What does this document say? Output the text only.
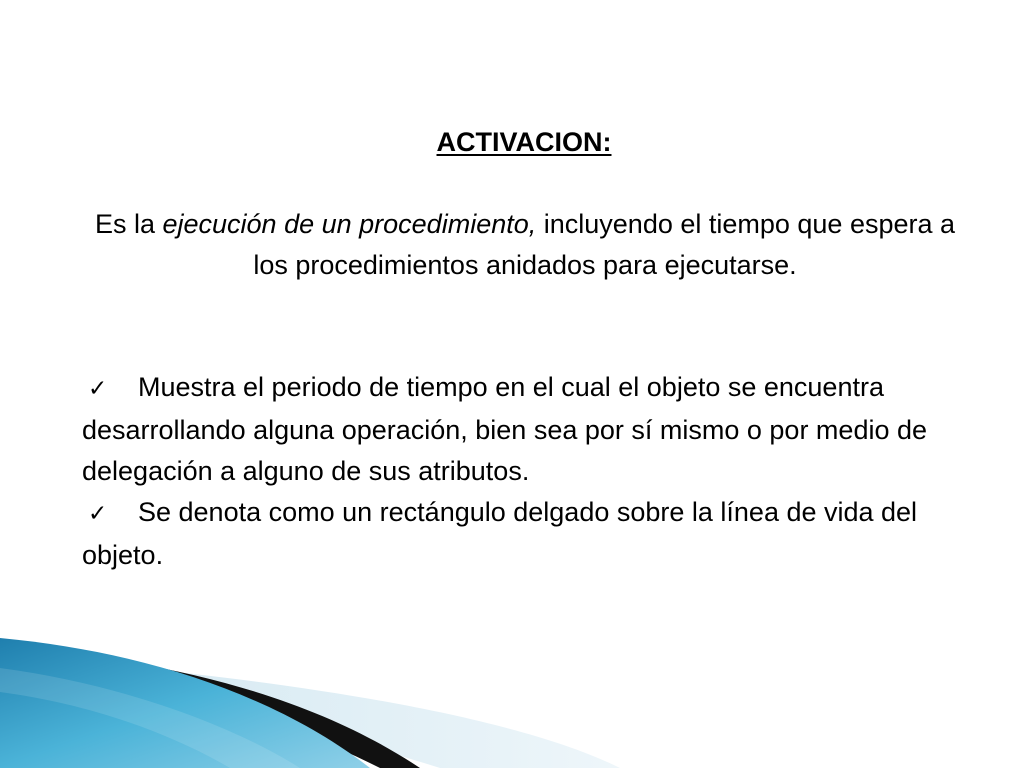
ACTIVACION:

Es la ejecución de un procedimiento, incluyendo el tiempo que espera a los procedimientos anidados para ejecutarse.

✓ Muestra el periodo de tiempo en el cual el objeto se encuentra desarrollando alguna operación, bien sea por sí mismo o por medio de delegación a alguno de sus atributos.
✓ Se denota como un rectángulo delgado sobre la línea de vida del objeto.
